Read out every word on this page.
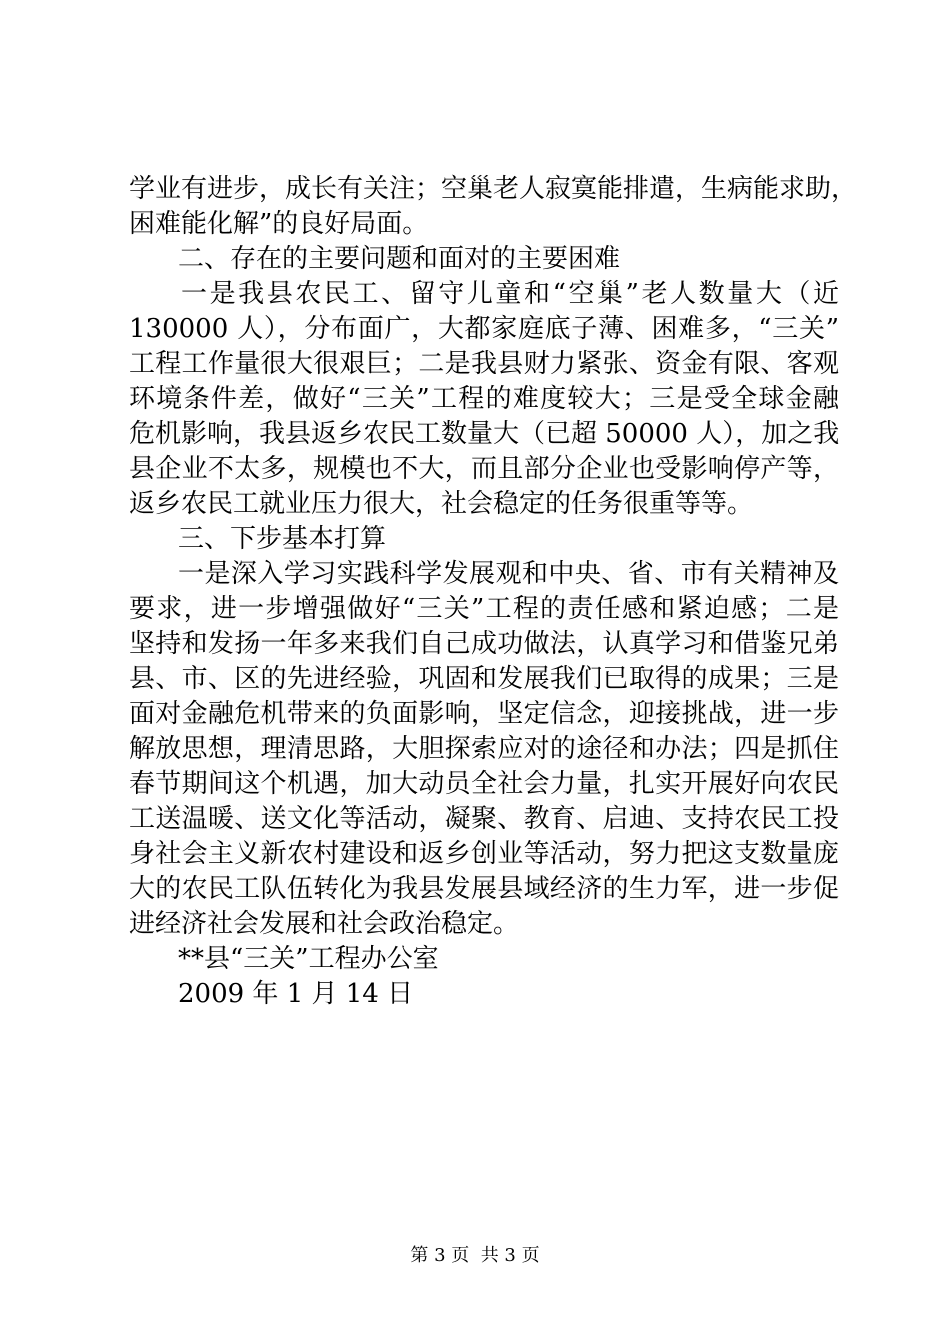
学业有进步，成长有关注；空巢老人寂寞能排遣，生病能求助，
困难能化解”的良好局面。
二、存在的主要问题和面对的主要困难
一是我县农民工、留守儿童和“空巢”老人数量大（近
130000 人），分布面广，大都家庭底子薄、困难多，“三关”
工程工作量很大很艰巨；二是我县财力紧张、资金有限、客观
环境条件差，做好“三关”工程的难度较大；三是受全球金融
危机影响，我县返乡农民工数量大（已超 50000 人），加之我
县企业不太多，规模也不大，而且部分企业也受影响停产等，
返乡农民工就业压力很大，社会稳定的任务很重等等。
三、下步基本打算
一是深入学习实践科学发展观和中央、省、市有关精神及
要求，进一步增强做好“三关”工程的责任感和紧迫感；二是
坚持和发扬一年多来我们自己成功做法，认真学习和借鉴兄弟
县、市、区的先进经验，巩固和发展我们已取得的成果；三是
面对金融危机带来的负面影响，坚定信念，迎接挑战，进一步
解放思想，理清思路，大胆探索应对的途径和办法；四是抓住
春节期间这个机遇，加大动员全社会力量，扎实开展好向农民
工送温暖、送文化等活动，凝聚、教育、启迪、支持农民工投
身社会主义新农村建设和返乡创业等活动，努力把这支数量庞
大的农民工队伍转化为我县发展县域经济的生力军，进一步促
进经济社会发展和社会政治稳定。
**县“三关”工程办公室
2009 年 1 月 14 日
第 3 页  共 3 页
